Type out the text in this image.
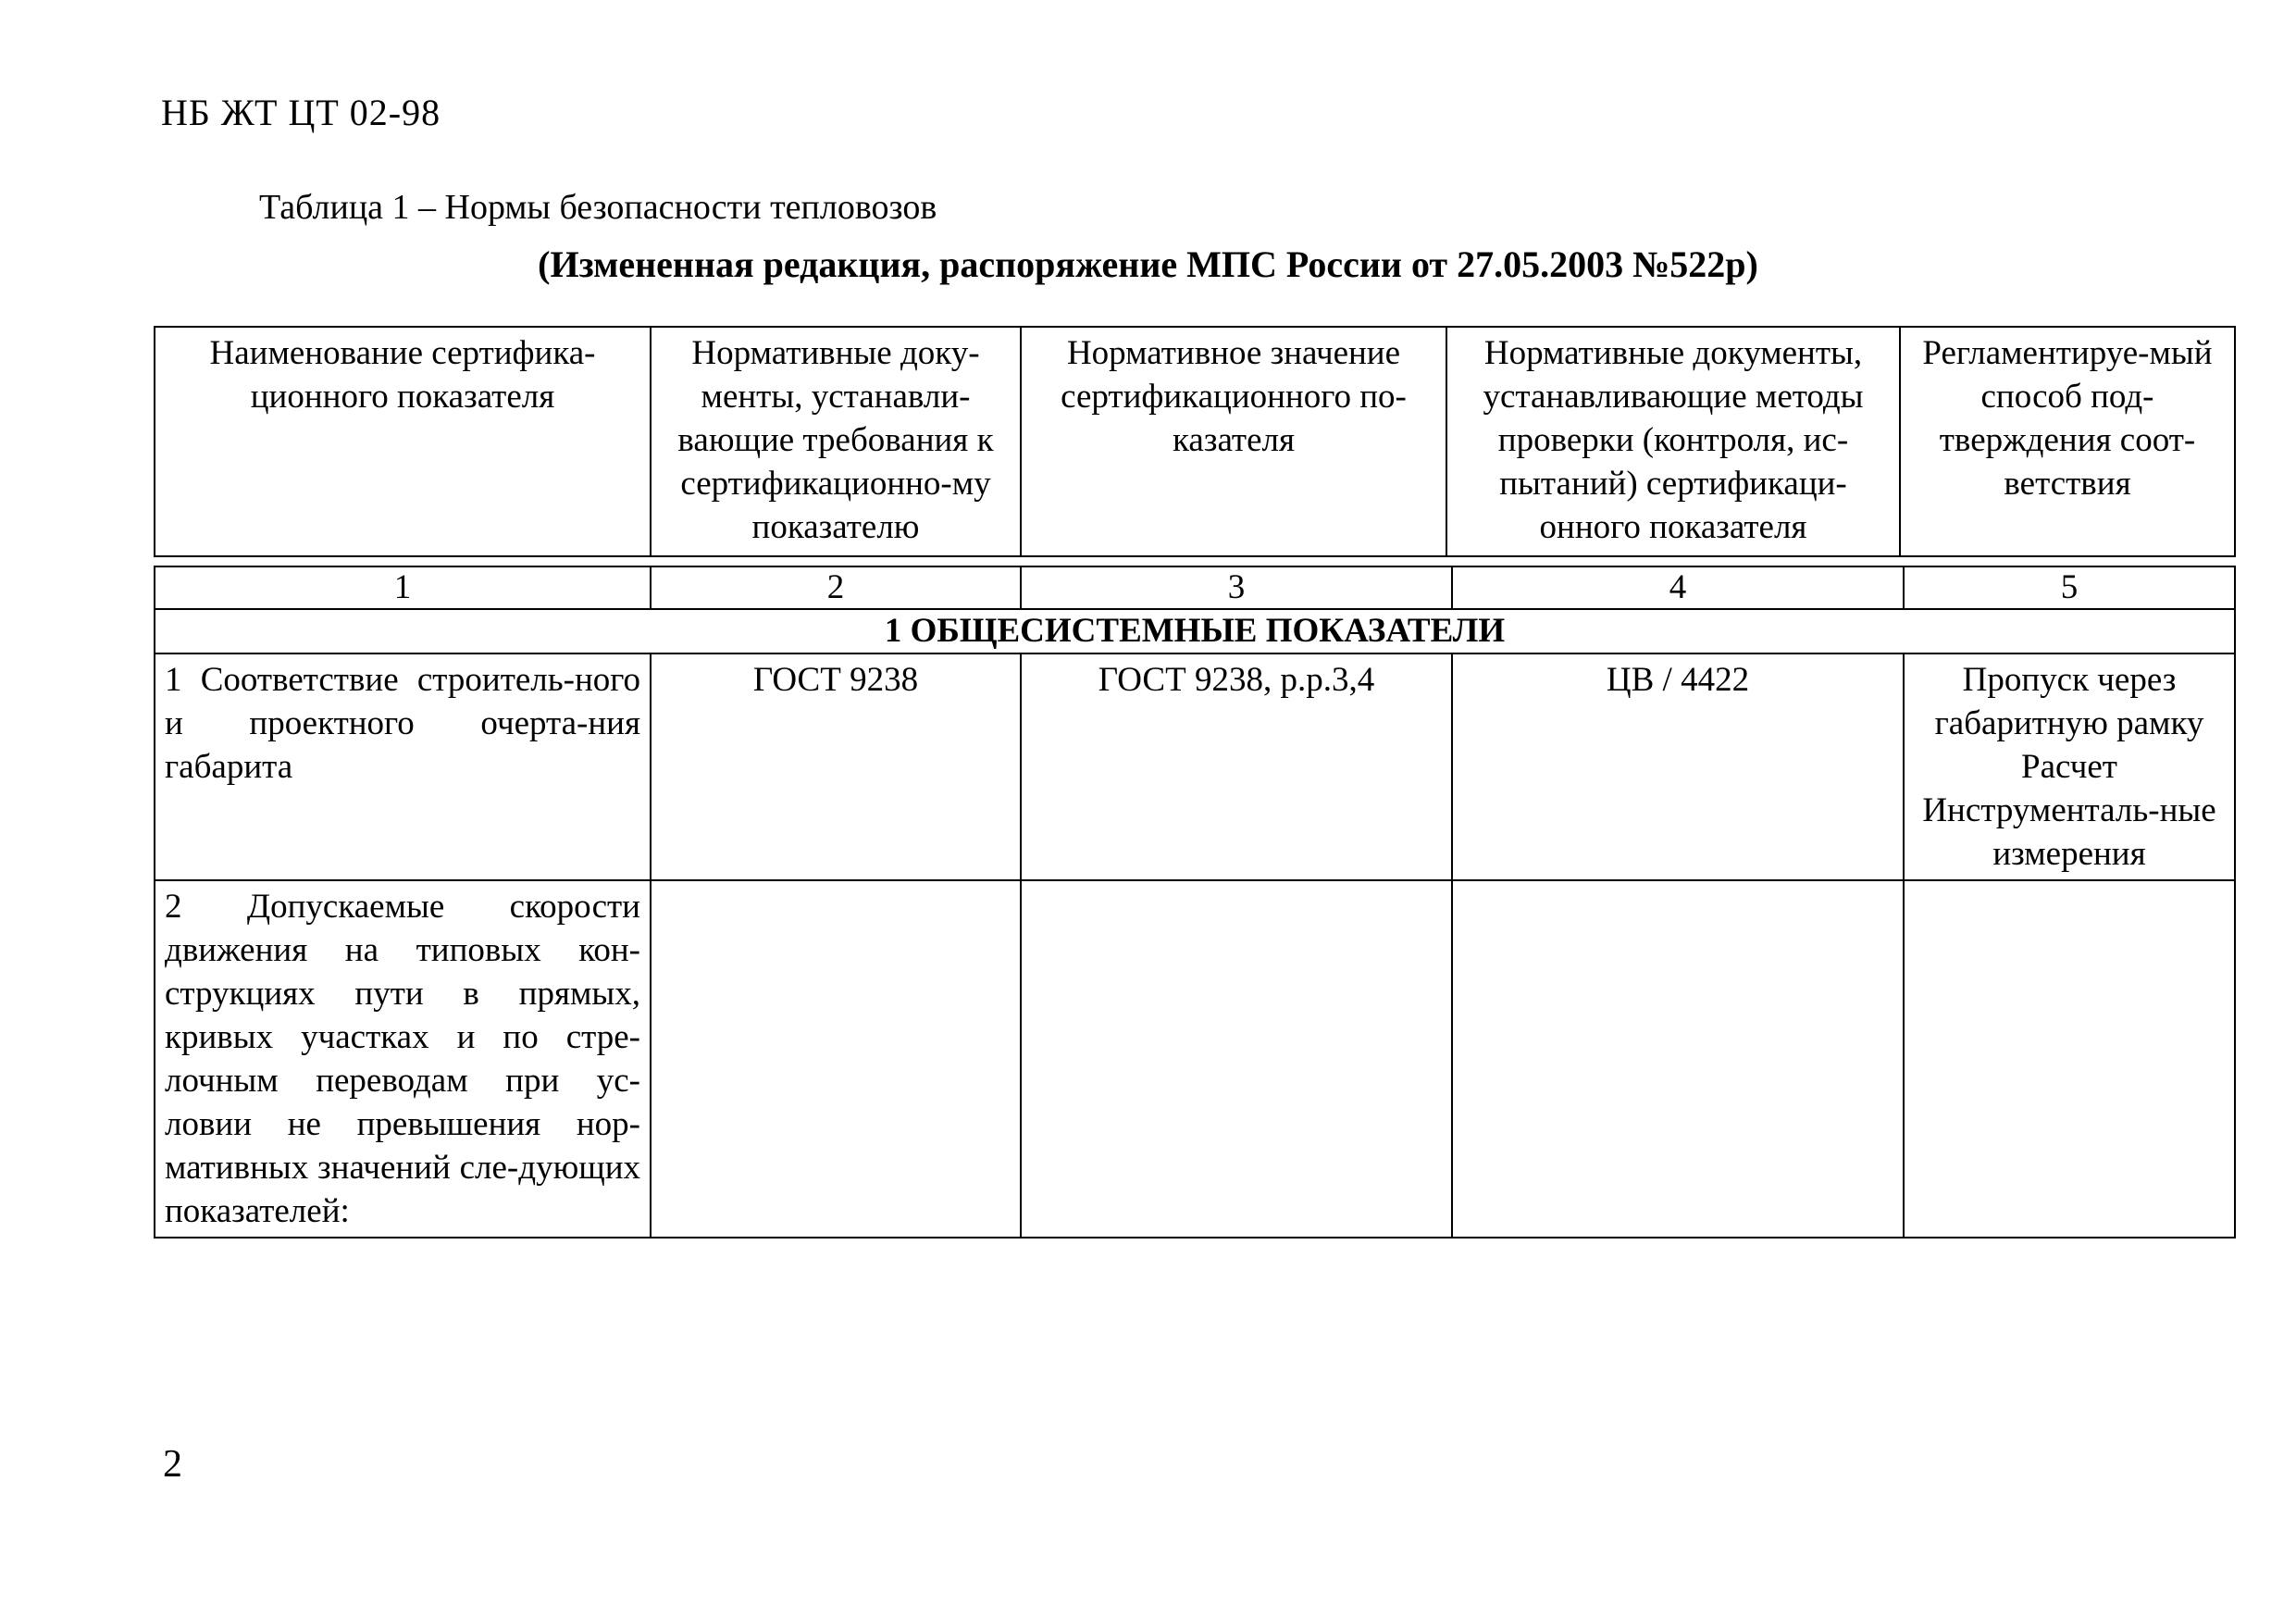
НБ ЖТ ЦТ 02-98
Таблица 1 – Нормы безопасности тепловозов
(Измененная редакция, распоряжение МПС России от 27.05.2003 №522р)
Наименование сертифика-ционного показателя	Нормативные доку-менты, устанавли-вающие требования к сертификационно-му показателю	Нормативное значение сертификационного по-казателя	Нормативные документы, устанавливающие методы проверки (контроля, ис-пытаний) сертификаци-онного показателя	Регламентируе-мый способ под-тверждения соот-ветствия
1	2	3	4	5
1 ОБЩЕСИСТЕМНЫЕ ПОКАЗАТЕЛИ				
1 Соответствие строитель-ного и проектного очерта-ния габарита	ГОСТ 9238	ГОСТ 9238, р.р.3,4	ЦВ / 4422	Пропуск через габаритную рамку Расчет Инструменталь-ные измерения
2 Допускаемые скорости движения на типовых кон-струкциях пути в прямых, кривых участках и по стре-лочным переводам при ус-ловии не превышения нор-мативных значений сле-дующих показателей:				
2
